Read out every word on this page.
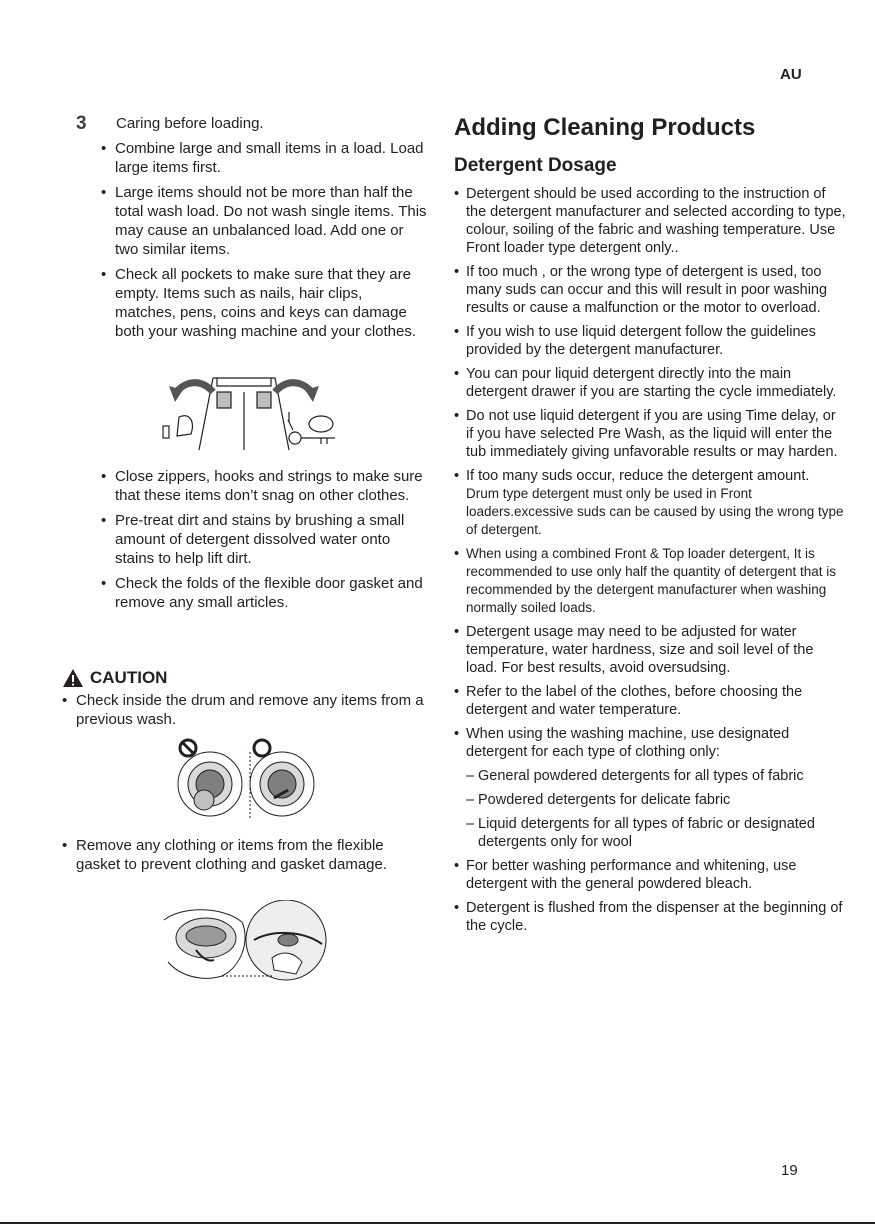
AU
3 Caring before loading.
• Combine large and small items in a load. Load large items first.
• Large items should not be more than half the total wash load. Do not wash single items. This may cause an unbalanced load. Add one or two similar items.
• Check all pockets to make sure that they are empty. Items such as nails, hair clips, matches, pens, coins and keys can damage both your washing machine and your clothes.
• Close zippers, hooks and strings to make sure that these items don’t snag on other clothes.
• Pre-treat dirt and stains by brushing a small amount of detergent dissolved water onto stains to help lift dirt.
• Check the folds of the flexible door gasket and remove any small articles.
CAUTION
• Check inside the drum and remove any items from a previous wash.
• Remove any clothing or items from the flexible gasket to prevent clothing and gasket damage.
Adding Cleaning Products
Detergent Dosage
• Detergent should be used according to the instruction of the detergent manufacturer and selected according to type, colour, soiling of the fabric and washing temperature. Use Front loader type detergent only..
• If too much , or the wrong type of detergent is used, too many suds can occur and this will result in poor washing results or cause a malfunction or the motor to overload.
• If you wish to use liquid detergent follow the guidelines provided by the detergent manufacturer.
• You can pour liquid detergent directly into the main detergent drawer if you are starting the cycle immediately.
• Do not use liquid detergent if you are using Time delay, or if you have selected Pre Wash, as the liquid will enter the tub immediately giving unfavorable results or may harden.
• If too many suds occur, reduce the detergent amount. Drum type detergent must only be used in Front loaders.excessive suds can be caused by using the wrong type of detergent.
• When using a combined Front & Top loader detergent, It is recommended to use only half the quantity of detergent that is recommended by the detergent manufacturer when washing normally soiled loads.
• Detergent usage may need to be adjusted for water temperature, water hardness, size and soil level of the load. For best results, avoid oversudsing.
• Refer to the label of the clothes, before choosing the detergent and water temperature.
• When using the washing machine, use designated detergent for each type of clothing only:
– General powdered detergents for all types of fabric
– Powdered detergents for delicate fabric
– Liquid detergents for all types of fabric or designated detergents only for wool
• For better washing performance and whitening, use detergent with the general powdered bleach.
• Detergent is flushed from the dispenser at the beginning of the cycle.
19
